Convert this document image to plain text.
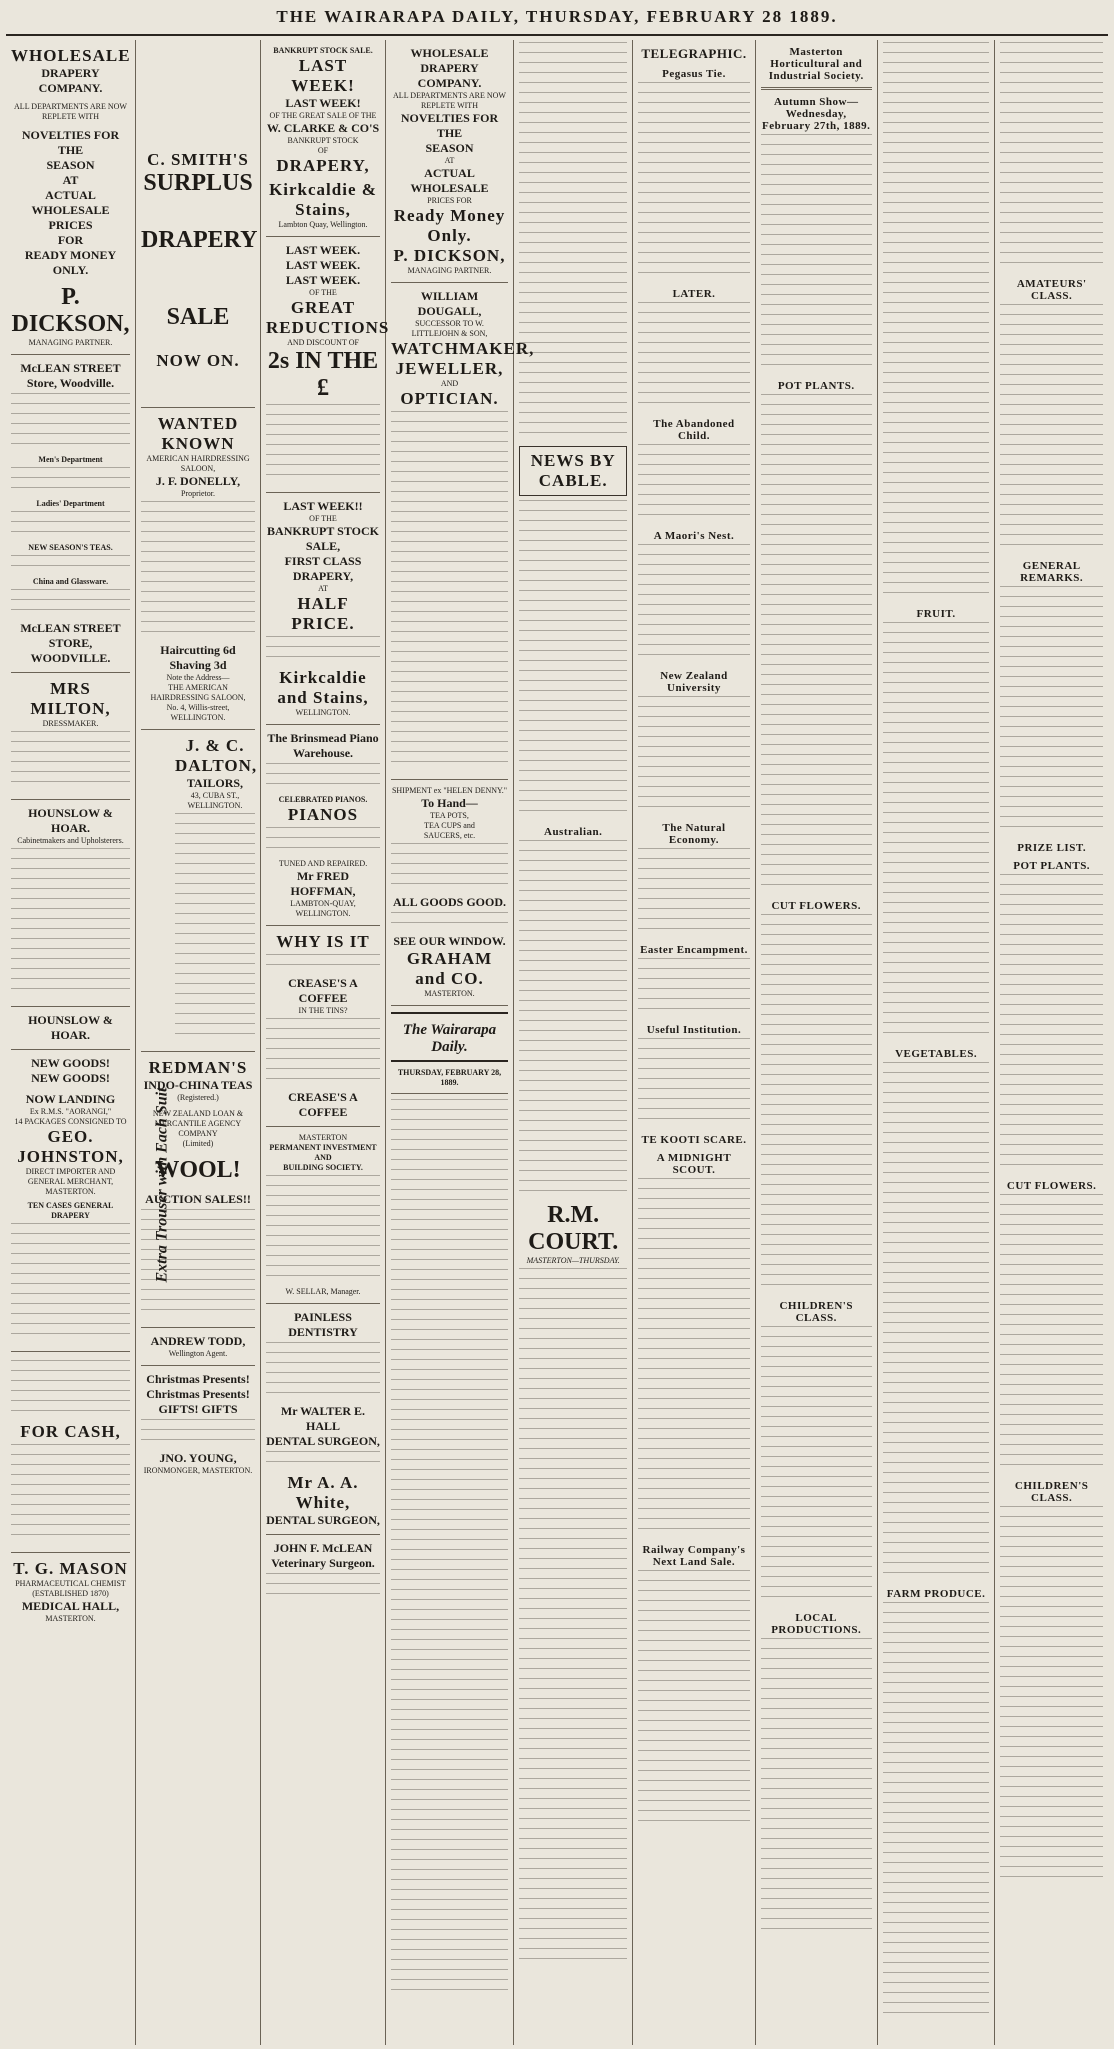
THE WAIRARAPA DAILY, THURSDAY, FEBRUARY 28 1889.
WHOLESALE
DRAPERY
COMPANY.
ALL DEPARTMENTS ARE NOW REPLETE WITH
NOVELTIES FOR THE
SEASON
AT
ACTUAL WHOLESALE
PRICES
FOR
READY MONEY ONLY.
P. DICKSON,
MANAGING PARTNER.
McLEAN STREET Store, Woodville.
Men's Department
Ladies' Department
NEW SEASON'S TEAS.
China and Glassware.
McLEAN STREET STORE, WOODVILLE.
MRS MILTON,
DRESSMAKER.
HOUNSLOW & HOAR.
Cabinetmakers and Upholsterers.
HOUNSLOW & HOAR.
NEW GOODS!
NEW GOODS!
NOW LANDING
Ex R.M.S. "AORANGI,"
14 PACKAGES CONSIGNED TO
GEO. JOHNSTON,
DIRECT IMPORTER AND
GENERAL MERCHANT,
MASTERTON.
TEN CASES GENERAL DRAPERY
FOR CASH,
T. G. MASON
PHARMACEUTICAL CHEMIST
(ESTABLISHED 1870)
MEDICAL HALL,
MASTERTON.
C. SMITH'S
SURPLUS
DRAPERY
SALE
NOW ON.
WANTED KNOWN
AMERICAN HAIRDRESSING SALOON,
J. F. DONELLY,
Proprietor.
Haircutting 6d Shaving 3d
Note the Address—
THE AMERICAN HAIRDRESSING SALOON,
No. 4, Willis-street, WELLINGTON.
J. & C. DALTON,
TAILORS,
43, CUBA ST., WELLINGTON.
Extra Trouser with Each Suit
REDMAN'S
INDO-CHINA TEAS
(Registered.)
NEW ZEALAND LOAN & MERCANTILE AGENCY COMPANY
(Limited)
WOOL!
AUCTION SALES!!
ANDREW TODD,
Wellington Agent.
Christmas Presents!
Christmas Presents!
GIFTS! GIFTS
JNO. YOUNG,
IRONMONGER, MASTERTON.
BANKRUPT STOCK SALE.
LAST WEEK!
LAST WEEK!
OF THE GREAT SALE OF THE
W. CLARKE & CO'S
BANKRUPT STOCK
OF
DRAPERY,
Kirkcaldie & Stains,
Lambton Quay, Wellington.
LAST WEEK.
LAST WEEK.
LAST WEEK.
OF THE
GREAT REDUCTIONS
AND DISCOUNT OF
2s IN THE £
LAST WEEK!!
OF THE
BANKRUPT STOCK SALE,
FIRST CLASS DRAPERY,
AT
HALF PRICE.
Kirkcaldie and Stains,
WELLINGTON.
The Brinsmead Piano Warehouse.
CELEBRATED PIANOS.
PIANOS
TUNED AND REPAIRED.
Mr FRED HOFFMAN,
LAMBTON-QUAY,
WELLINGTON.
WHY IS IT
CREASE'S A COFFEE
IN THE TINS?
CREASE'S A COFFEE
MASTERTON
PERMANENT INVESTMENT AND
BUILDING SOCIETY.
W. SELLAR, Manager.
PAINLESS DENTISTRY
Mr WALTER E. HALL
DENTAL SURGEON,
Mr A. A. White,
DENTAL SURGEON,
JOHN F. McLEAN
Veterinary Surgeon.
WHOLESALE
DRAPERY
COMPANY.
ALL DEPARTMENTS ARE NOW REPLETE WITH
NOVELTIES FOR THE
SEASON
AT
ACTUAL WHOLESALE
PRICES FOR
Ready Money Only.
P. DICKSON,
MANAGING PARTNER.
WILLIAM DOUGALL,
SUCCESSOR TO W. LITTLEJOHN & SON,
WATCHMAKER,
JEWELLER,
AND
OPTICIAN.
SHIPMENT ex "HELEN DENNY."
To Hand—
TEA POTS,
TEA CUPS and
SAUCERS, etc.
ALL GOODS GOOD.
SEE OUR WINDOW.
GRAHAM and CO.
MASTERTON.
The Wairarapa Daily.
THURSDAY, FEBRUARY 28, 1889.
NEWS BY CABLE.
Australian.
R.M. COURT.
MASTERTON—THURSDAY.
TELEGRAPHIC.
Pegasus Tie.
LATER.
The Abandoned Child.
A Maori's Nest.
New Zealand University
The Natural Economy.
Easter Encampment.
Useful Institution.
TE KOOTI SCARE.
A MIDNIGHT SCOUT.
Railway Company's Next Land Sale.
Masterton Horticultural and Industrial Society.
Autumn Show—Wednesday, February 27th, 1889.
POT PLANTS.
CUT FLOWERS.
CHILDREN'S CLASS.
LOCAL PRODUCTIONS.
FRUIT.
VEGETABLES.
FARM PRODUCE.
AMATEURS' CLASS.
GENERAL REMARKS.
PRIZE LIST.
POT PLANTS.
CUT FLOWERS.
CHILDREN'S CLASS.
